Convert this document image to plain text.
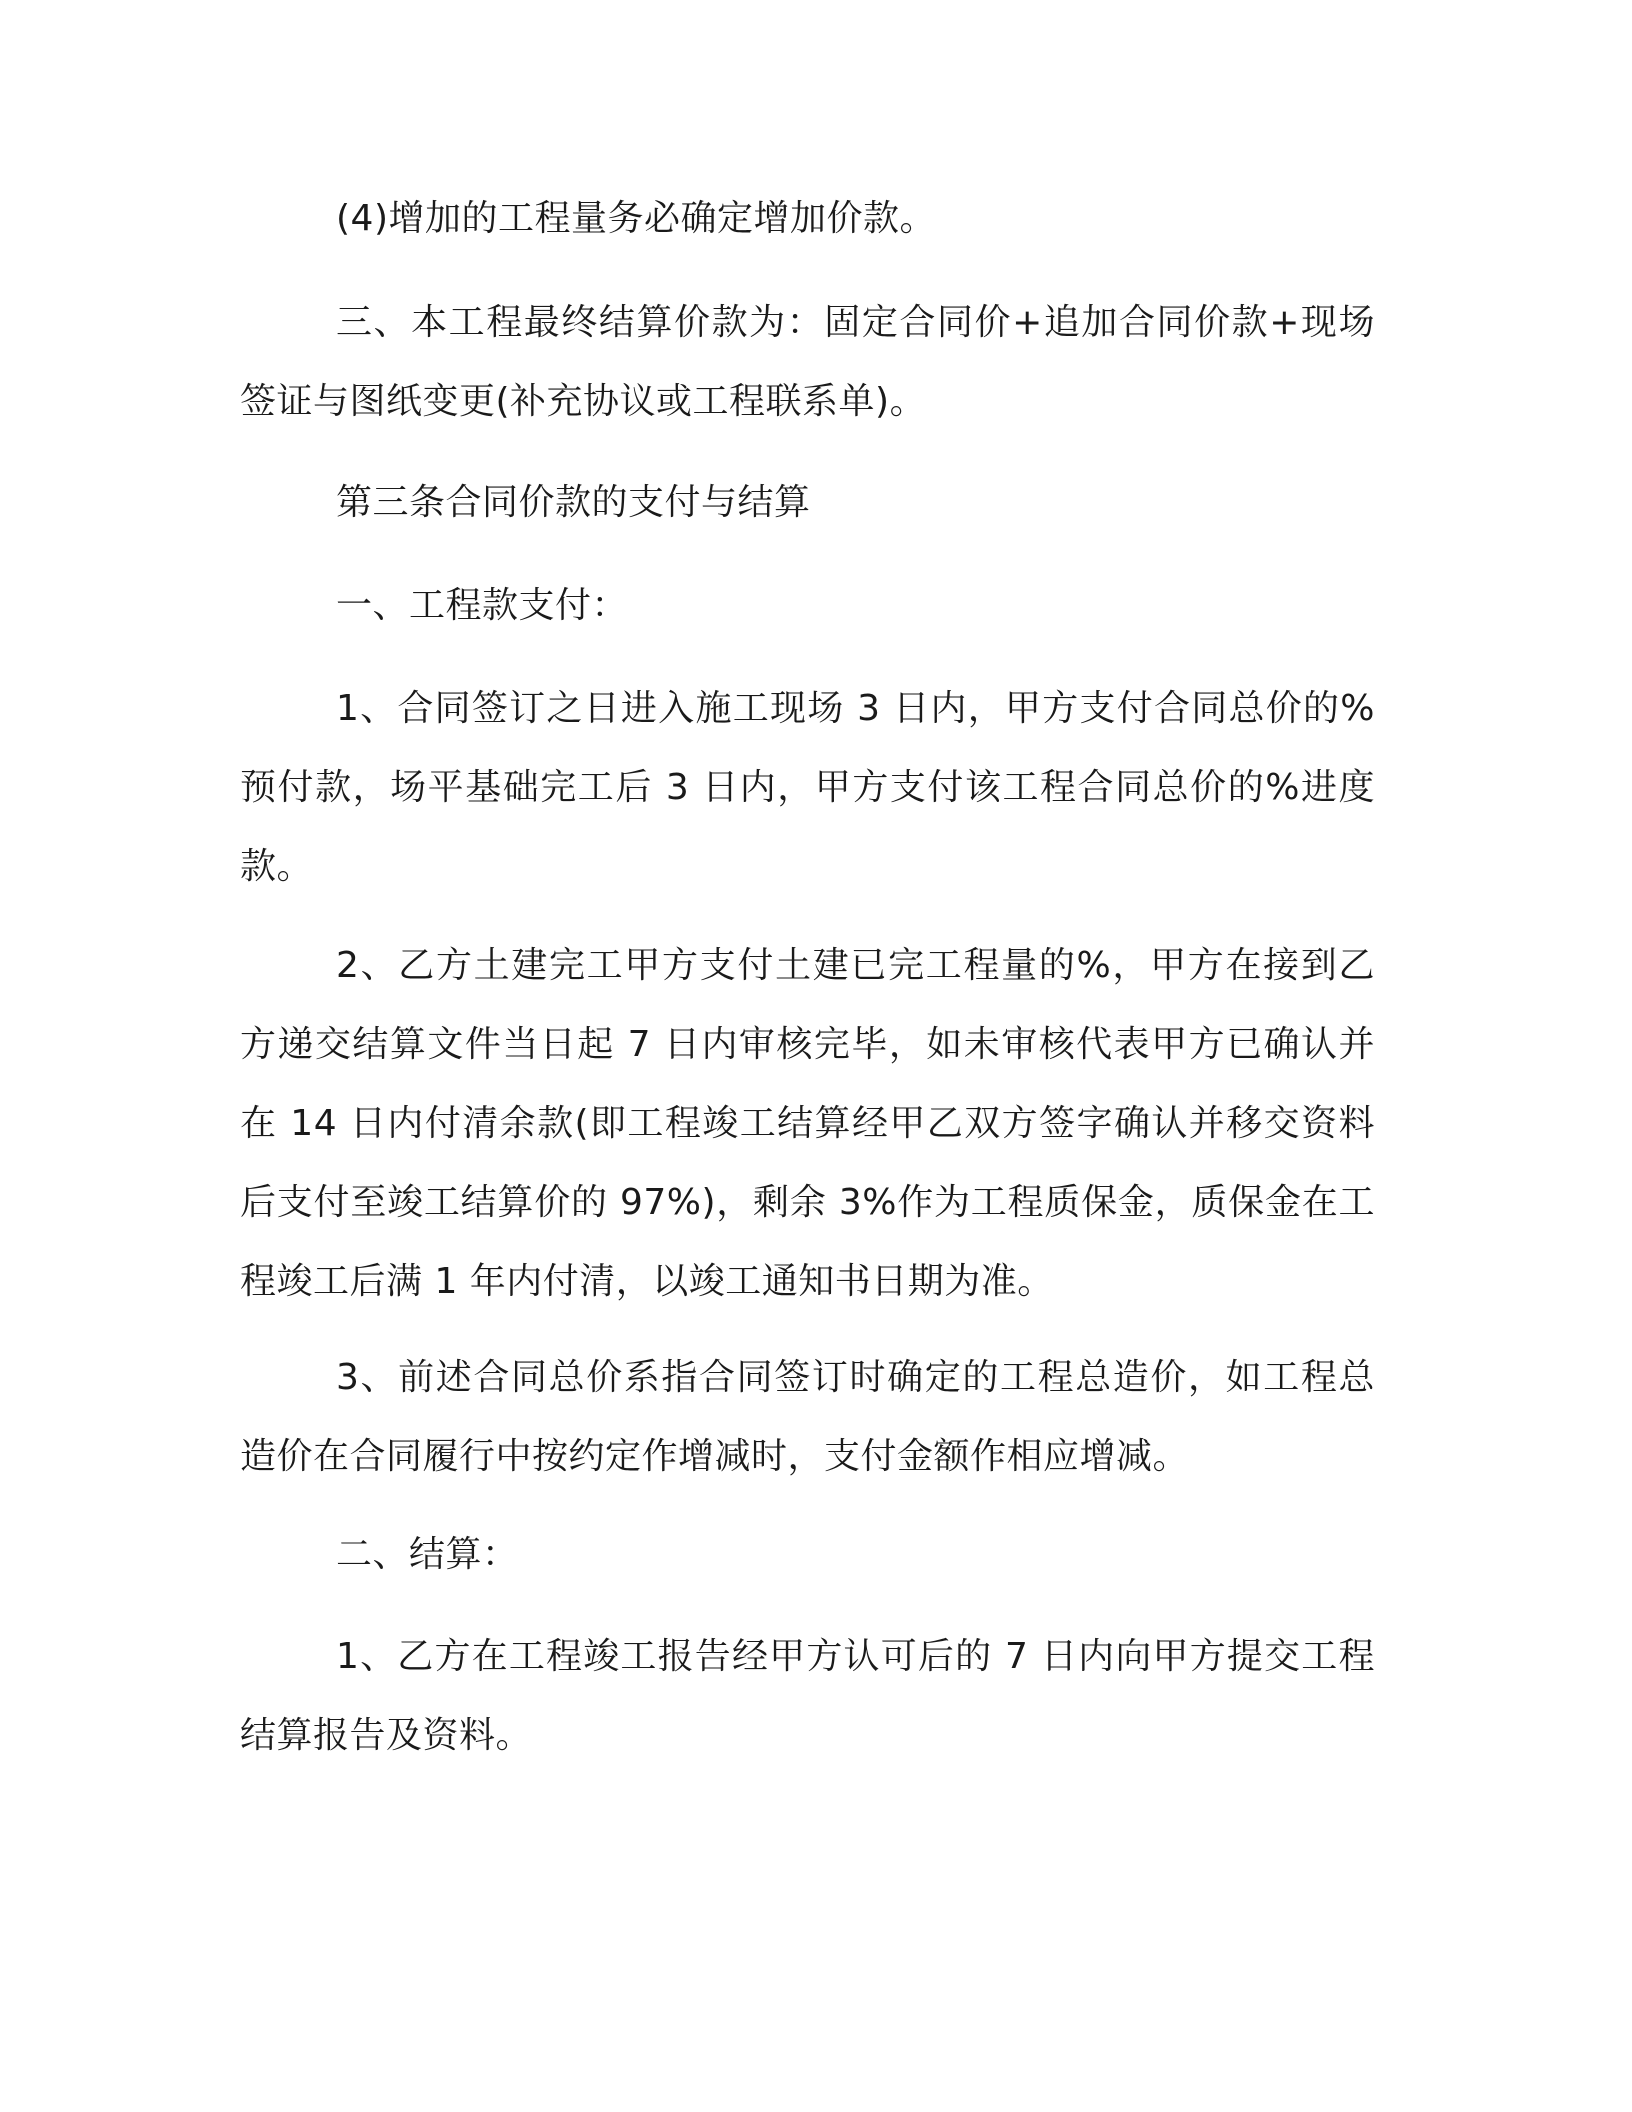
(4)增加的工程量务必确定增加价款。

三、本工程最终结算价款为：固定合同价+追加合同价款+现场签证与图纸变更(补充协议或工程联系单)。

第三条合同价款的支付与结算

一、工程款支付：

1、合同签订之日进入施工现场 3 日内，甲方支付合同总价的%预付款，场平基础完工后 3 日内，甲方支付该工程合同总价的%进度款。

2、乙方土建完工甲方支付土建已完工程量的%，甲方在接到乙方递交结算文件当日起 7 日内审核完毕，如未审核代表甲方已确认并在 14 日内付清余款(即工程竣工结算经甲乙双方签字确认并移交资料后支付至竣工结算价的 97%)，剩余 3%作为工程质保金，质保金在工程竣工后满 1 年内付清，以竣工通知书日期为准。

3、前述合同总价系指合同签订时确定的工程总造价，如工程总造价在合同履行中按约定作增减时，支付金额作相应增减。

二、结算：

1、乙方在工程竣工报告经甲方认可后的 7 日内向甲方提交工程结算报告及资料。
